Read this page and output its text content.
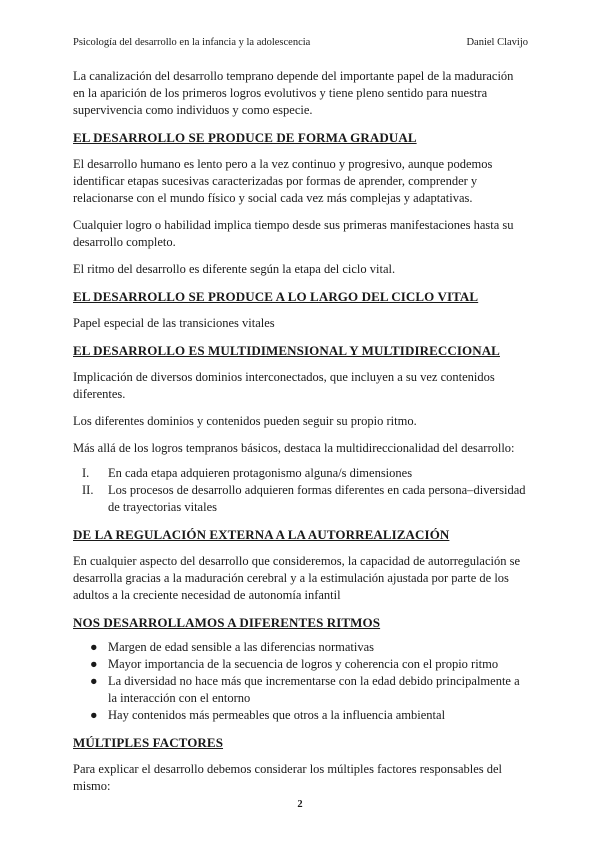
Psicología del desarrollo en la infancia y la adolescencia	Daniel Clavijo

La canalización del desarrollo temprano depende del importante papel de la maduración en la aparición de los primeros logros evolutivos y tiene pleno sentido para nuestra supervivencia como individuos y como especie.

EL DESARROLLO SE PRODUCE DE FORMA GRADUAL

El desarrollo humano es lento pero a la vez continuo y progresivo, aunque podemos identificar etapas sucesivas caracterizadas por formas de aprender, comprender y relacionarse con el mundo físico y social cada vez más complejas y adaptativas.

Cualquier logro o habilidad implica tiempo desde sus primeras manifestaciones hasta su desarrollo completo.

El ritmo del desarrollo es diferente según la etapa del ciclo vital.

EL DESARROLLO SE PRODUCE A LO LARGO DEL CICLO VITAL

Papel especial de las transiciones vitales

EL DESARROLLO ES MULTIDIMENSIONAL Y MULTIDIRECCIONAL

Implicación de diversos dominios interconectados, que incluyen a su vez contenidos diferentes.

Los diferentes dominios y contenidos pueden seguir su propio ritmo.

Más allá de los logros tempranos básicos, destaca la multidireccionalidad del desarrollo:

I. En cada etapa adquieren protagonismo alguna/s dimensiones
II. Los procesos de desarrollo adquieren formas diferentes en cada persona–diversidad de trayectorias vitales
DE LA REGULACIÓN EXTERNA A LA AUTORREALIZACIÓN

En cualquier aspecto del desarrollo que consideremos, la capacidad de autorregulación se desarrolla gracias a la maduración cerebral y a la estimulación ajustada por parte de los adultos a la creciente necesidad de autonomía infantil

NOS DESARROLLAMOS A DIFERENTES RITMOS
● Margen de edad sensible a las diferencias normativas
● Mayor importancia de la secuencia de logros y coherencia con el propio ritmo
● La diversidad no hace más que incrementarse con la edad debido principalmente a la interacción con el entorno
● Hay contenidos más permeables que otros a la influencia ambiental
MÚLTIPLES FACTORES

Para explicar el desarrollo debemos considerar los múltiples factores responsables del mismo:

2
